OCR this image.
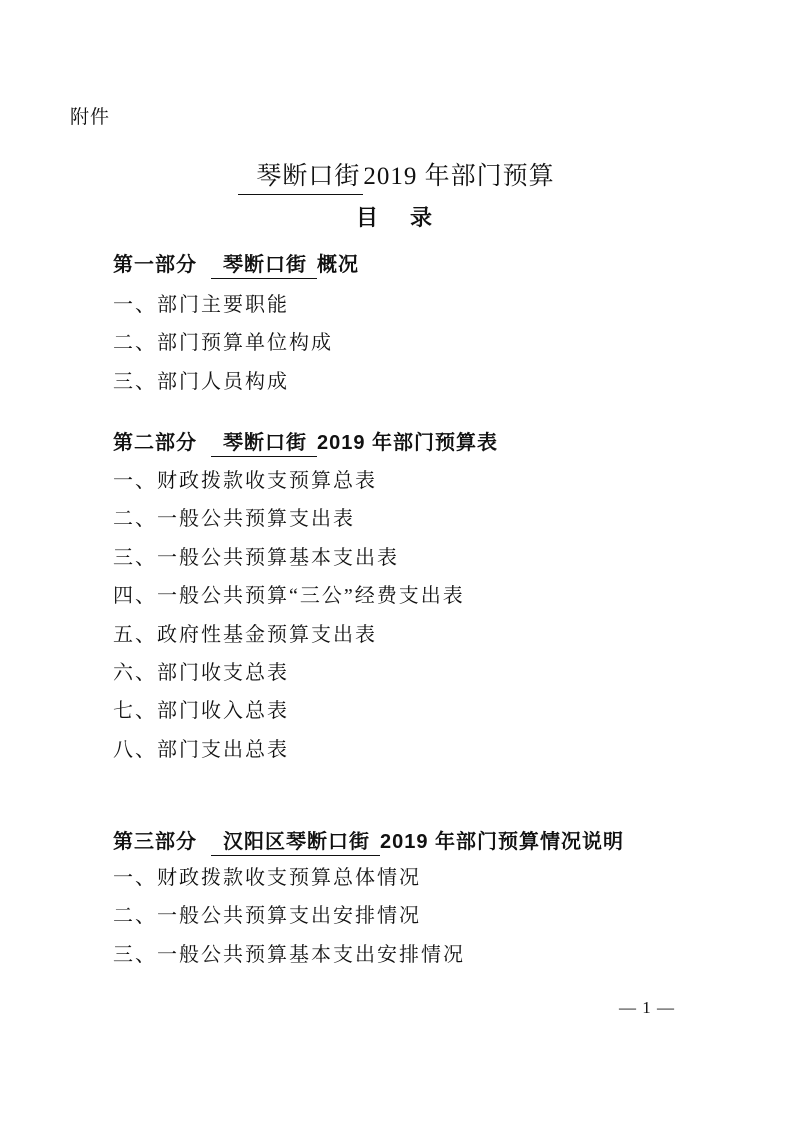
附件
琴断口街 2019 年部门预算
目　录
第一部分 琴断口街 概况
一、部门主要职能
二、部门预算单位构成
三、部门人员构成
第二部分 琴断口街 2019 年部门预算表
一、财政拨款收支预算总表
二、一般公共预算支出表
三、一般公共预算基本支出表
四、一般公共预算“三公”经费支出表
五、政府性基金预算支出表
六、部门收支总表
七、部门收入总表
八、部门支出总表
第三部分 汉阳区琴断口街 2019 年部门预算情况说明
一、财政拨款收支预算总体情况
二、一般公共预算支出安排情况
三、一般公共预算基本支出安排情况
— 1 —
